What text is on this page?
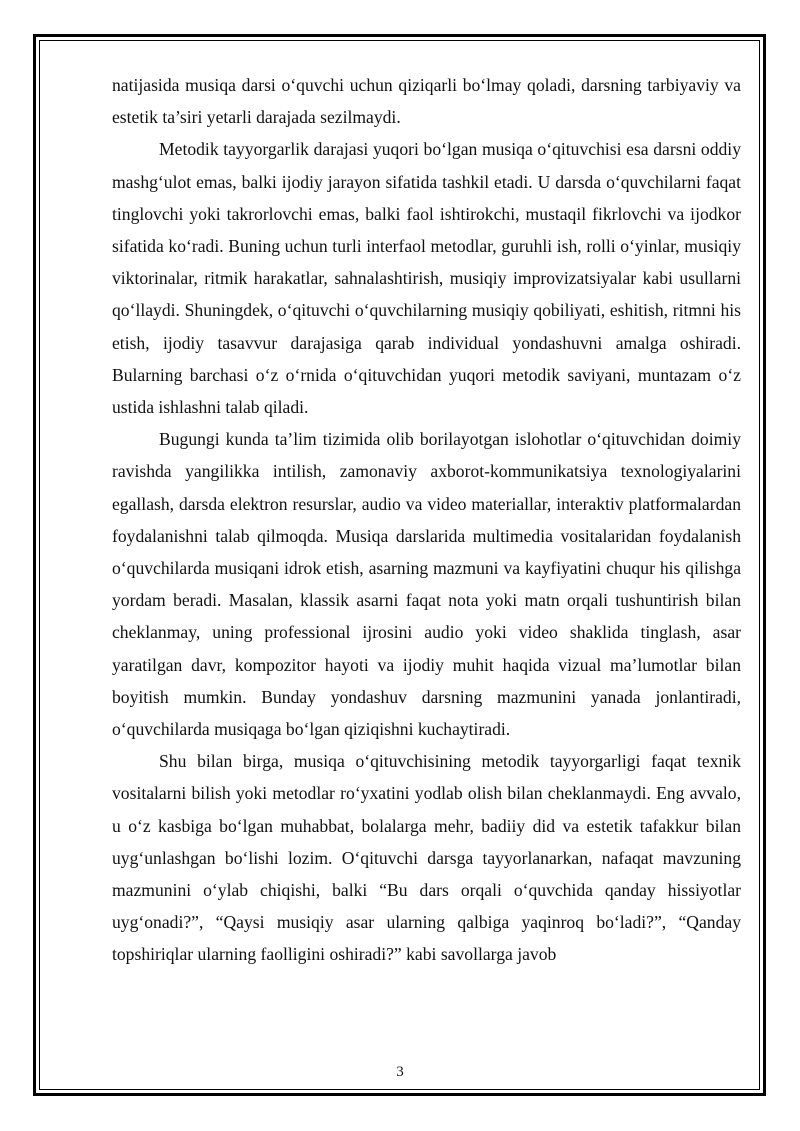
natijasida musiqa darsi o‘quvchi uchun qiziqarli bo‘lmay qoladi, darsning tarbiyaviy va estetik ta’siri yetarli darajada sezilmaydi.

Metodik tayyorgarlik darajasi yuqori bo‘lgan musiqa o‘qituvchisi esa darsni oddiy mashg‘ulot emas, balki ijodiy jarayon sifatida tashkil etadi. U darsda o‘quvchilarni faqat tinglovchi yoki takrorlovchi emas, balki faol ishtirokchi, mustaqil fikrlovchi va ijodkor sifatida ko‘radi. Buning uchun turli interfaol metodlar, guruhli ish, rolli o‘yinlar, musiqiy viktorinalar, ritmik harakatlar, sahnalashtirish, musiqiy improvizatsiyalar kabi usullarni qo‘llaydi. Shuningdek, o‘qituvchi o‘quvchilarning musiqiy qobiliyati, eshitish, ritmni his etish, ijodiy tasavvur darajasiga qarab individual yondashuvni amalga oshiradi. Bularning barchasi o‘z o‘rnida o‘qituvchidan yuqori metodik saviyani, muntazam o‘z ustida ishlashni talab qiladi.

Bugungi kunda ta’lim tizimida olib borilayotgan islohotlar o‘qituvchidan doimiy ravishda yangilikka intilish, zamonaviy axborot-kommunikatsiya texnologiyalarini egallash, darsda elektron resurslar, audio va video materiallar, interaktiv platformalardan foydalanishni talab qilmoqda. Musiqa darslarida multimedia vositalaridan foydalanish o‘quvchilarda musiqani idrok etish, asarning mazmuni va kayfiyatini chuqur his qilishga yordam beradi. Masalan, klassik asarni faqat nota yoki matn orqali tushuntirish bilan cheklanmay, uning professional ijrosini audio yoki video shaklida tinglash, asar yaratilgan davr, kompozitor hayoti va ijodiy muhit haqida vizual ma’lumotlar bilan boyitish mumkin. Bunday yondashuv darsning mazmunini yanada jonlantiradi, o‘quvchilarda musiqaga bo‘lgan qiziqishni kuchaytiradi.

Shu bilan birga, musiqa o‘qituvchisining metodik tayyorgarligi faqat texnik vositalarni bilish yoki metodlar ro‘yxatini yodlab olish bilan cheklanmaydi. Eng avvalo, u o‘z kasbiga bo‘lgan muhabbat, bolalarga mehr, badiiy did va estetik tafakkur bilan uyg‘unlashgan bo‘lishi lozim. O‘qituvchi darsga tayyorlanarkan, nafaqat mavzuning mazmunini o‘ylab chiqishi, balki “Bu dars orqali o‘quvchida qanday hissiyotlar uyg‘onadi?”, “Qaysi musiqiy asar ularning qalbiga yaqinroq bo‘ladi?”, “Qanday topshiriqlar ularning faolligini oshiradi?” kabi savollarga javob

3
